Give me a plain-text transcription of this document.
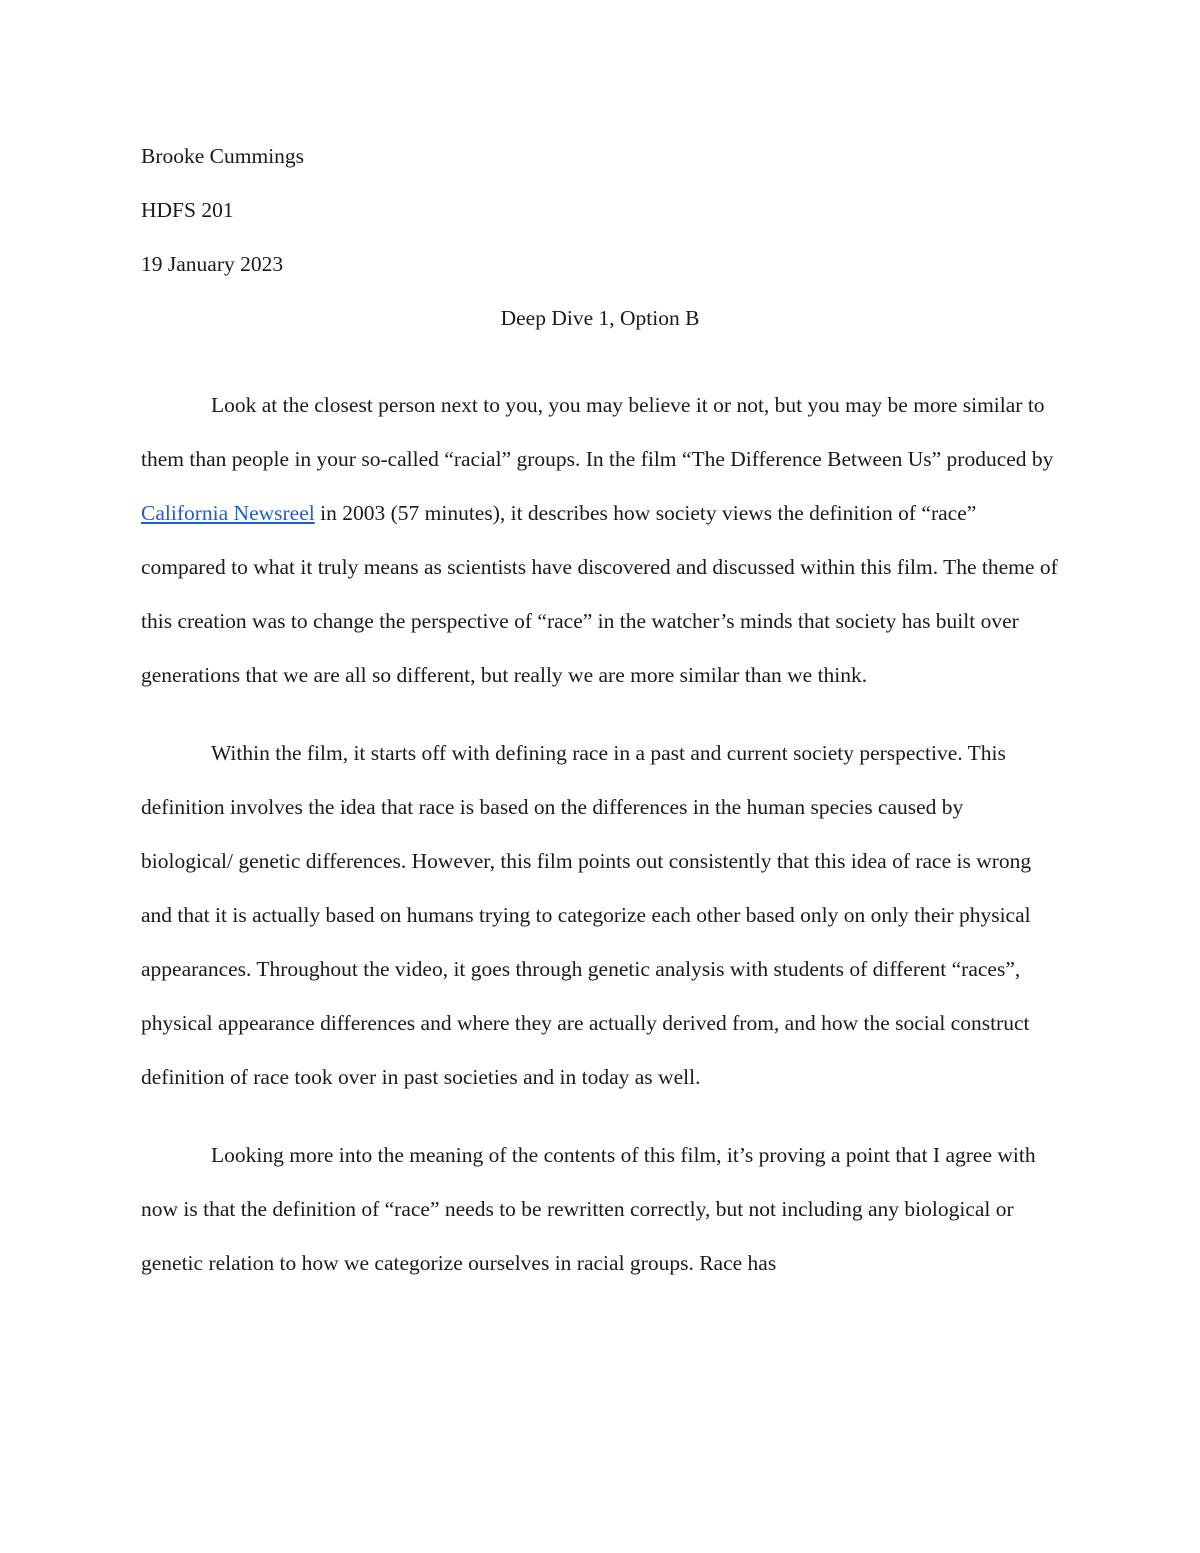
Brooke Cummings
HDFS 201
19 January 2023
Deep Dive 1, Option B

Look at the closest person next to you, you may believe it or not, but you may be more similar to them than people in your so-called “racial” groups. In the film “The Difference Between Us” produced by California Newsreel in 2003 (57 minutes), it describes how society views the definition of “race” compared to what it truly means as scientists have discovered and discussed within this film. The theme of this creation was to change the perspective of “race” in the watcher’s minds that society has built over generations that we are all so different, but really we are more similar than we think.

Within the film, it starts off with defining race in a past and current society perspective. This definition involves the idea that race is based on the differences in the human species caused by biological/ genetic differences. However, this film points out consistently that this idea of race is wrong and that it is actually based on humans trying to categorize each other based only on only their physical appearances. Throughout the video, it goes through genetic analysis with students of different “races”, physical appearance differences and where they are actually derived from, and how the social construct definition of race took over in past societies and in today as well.

Looking more into the meaning of the contents of this film, it’s proving a point that I agree with now is that the definition of “race” needs to be rewritten correctly, but not including any biological or genetic relation to how we categorize ourselves in racial groups. Race has
